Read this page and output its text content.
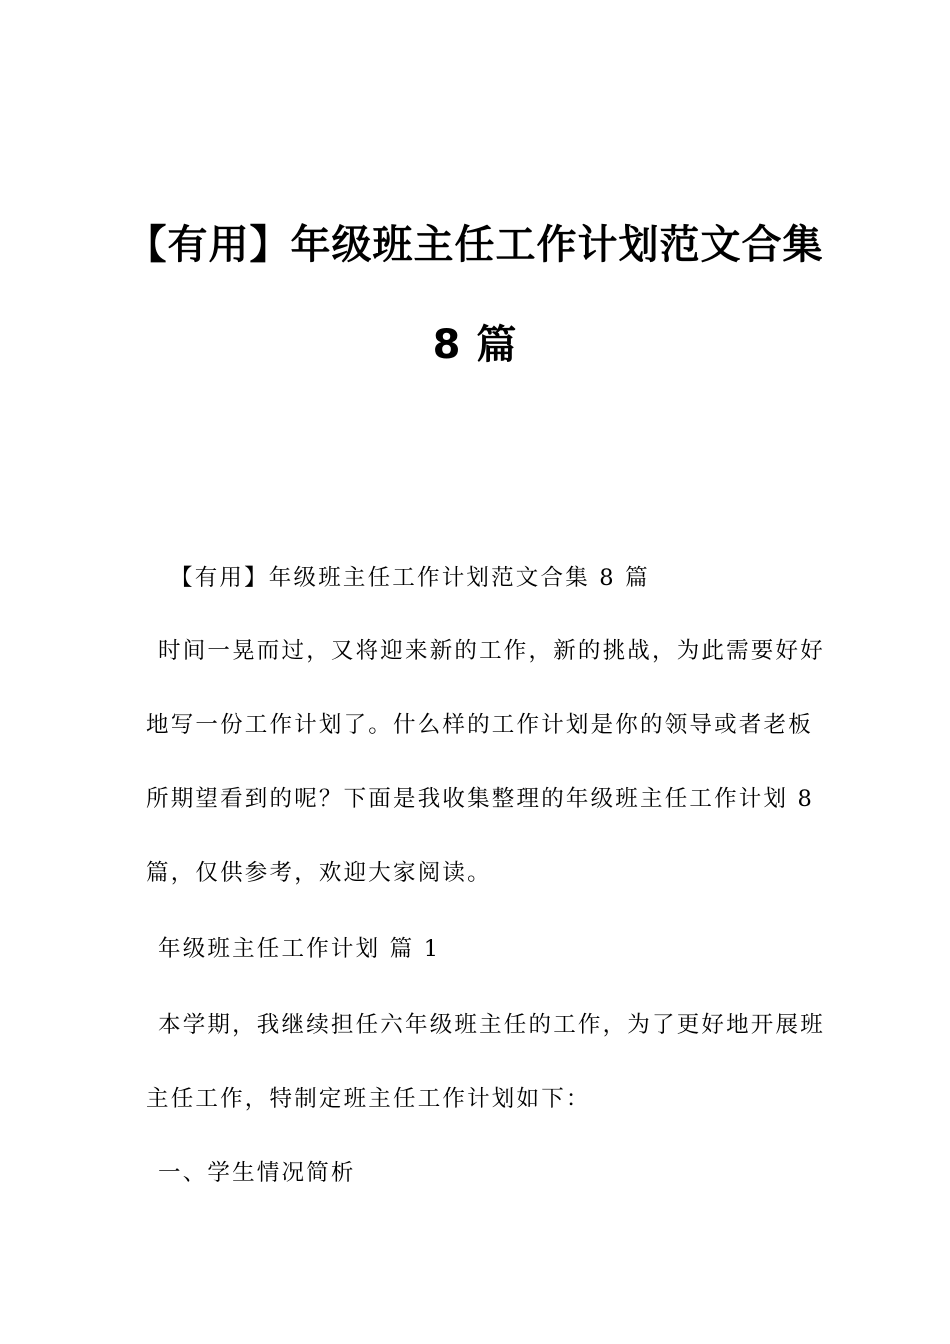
【有用】年级班主任工作计划范文合集
8 篇

【有用】年级班主任工作计划范文合集 8 篇

时间一晃而过，又将迎来新的工作，新的挑战，为此需要好好

地写一份工作计划了。什么样的工作计划是你的领导或者老板

所期望看到的呢？下面是我收集整理的年级班主任工作计划 8

篇，仅供参考，欢迎大家阅读。

年级班主任工作计划 篇 1

本学期，我继续担任六年级班主任的工作，为了更好地开展班

主任工作，特制定班主任工作计划如下：

一、学生情况简析
